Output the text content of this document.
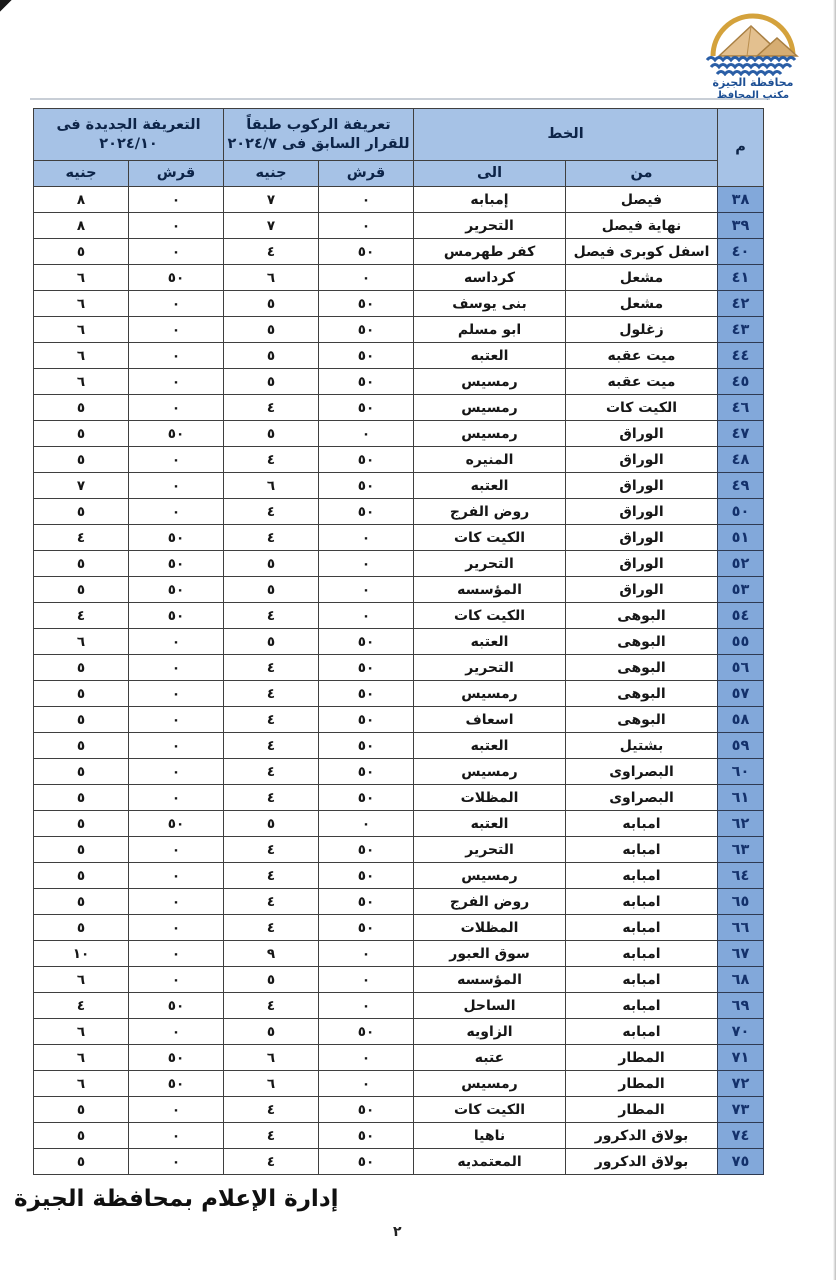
محافظة الجيزة
مكتب المحافظ
م	الخط		تعريفة الركوب طبقاً للقرار السابق فى ٢٠٢٤/٧		التعريفة الجديدة فى ٢٠٢٤/١٠	
	من	الى	قرش	جنيه	قرش	جنيه
٣٨	فيصل	إمبابه	٠	٧	٠	٨
٣٩	نهاية فيصل	التحرير	٠	٧	٠	٨
٤٠	اسفل كوبرى فيصل	كفر طهرمس	٥٠	٤	٠	٥
٤١	مشعل	كرداسه	٠	٦	٥٠	٦
٤٢	مشعل	بنى يوسف	٥٠	٥	٠	٦
٤٣	زغلول	ابو مسلم	٥٠	٥	٠	٦
٤٤	ميت عقبه	العتبه	٥٠	٥	٠	٦
٤٥	ميت عقبه	رمسيس	٥٠	٥	٠	٦
٤٦	الكيت كات	رمسيس	٥٠	٤	٠	٥
٤٧	الوراق	رمسيس	٠	٥	٥٠	٥
٤٨	الوراق	المنيره	٥٠	٤	٠	٥
٤٩	الوراق	العتبه	٥٠	٦	٠	٧
٥٠	الوراق	روض الفرج	٥٠	٤	٠	٥
٥١	الوراق	الكيت كات	٠	٤	٥٠	٤
٥٢	الوراق	التحرير	٠	٥	٥٠	٥
٥٣	الوراق	المؤسسه	٠	٥	٥٠	٥
٥٤	البوهى	الكيت كات	٠	٤	٥٠	٤
٥٥	البوهى	العتبه	٥٠	٥	٠	٦
٥٦	البوهى	التحرير	٥٠	٤	٠	٥
٥٧	البوهى	رمسيس	٥٠	٤	٠	٥
٥٨	البوهى	اسعاف	٥٠	٤	٠	٥
٥٩	بشتيل	العتبه	٥٠	٤	٠	٥
٦٠	البصراوى	رمسيس	٥٠	٤	٠	٥
٦١	البصراوى	المظلات	٥٠	٤	٠	٥
٦٢	امبابه	العتبه	٠	٥	٥٠	٥
٦٣	امبابه	التحرير	٥٠	٤	٠	٥
٦٤	امبابه	رمسيس	٥٠	٤	٠	٥
٦٥	امبابه	روض الفرج	٥٠	٤	٠	٥
٦٦	امبابه	المظلات	٥٠	٤	٠	٥
٦٧	امبابه	سوق العبور	٠	٩	٠	١٠
٦٨	امبابه	المؤسسه	٠	٥	٠	٦
٦٩	امبابه	الساحل	٠	٤	٥٠	٤
٧٠	امبابه	الزاويه	٥٠	٥	٠	٦
٧١	المطار	عتبه	٠	٦	٥٠	٦
٧٢	المطار	رمسيس	٠	٦	٥٠	٦
٧٣	المطار	الكيت كات	٥٠	٤	٠	٥
٧٤	بولاق الدكرور	ناهيا	٥٠	٤	٠	٥
٧٥	بولاق الدكرور	المعتمديه	٥٠	٤	٠	٥
إدارة الإعلام بمحافظة الجيزة
٢
